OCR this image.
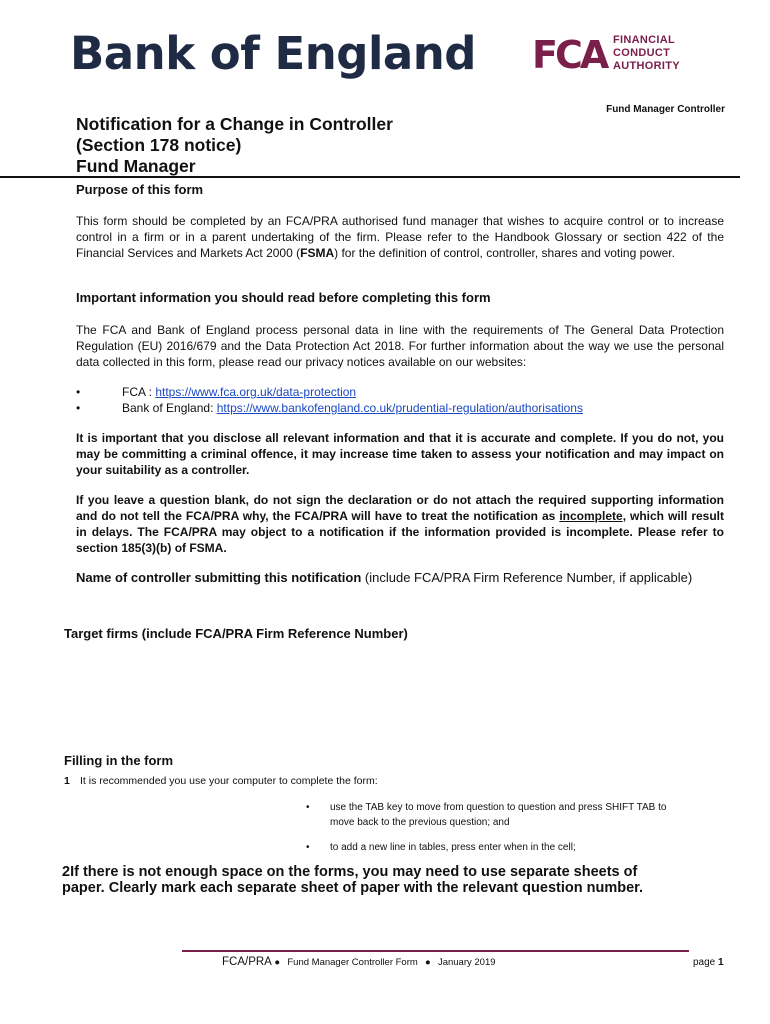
Bank of England FCA FINANCIAL
CONDUCT
AUTHORITY
Fund Manager Controller
Notification for a Change in Controller
(Section 178 notice)
Fund Manager
Purpose of this form
This form should be completed by an FCA/PRA authorised fund manager that wishes to acquire control or to increase control in a firm or in a parent undertaking of the firm. Please refer to the Handbook Glossary or section 422 of the Financial Services and Markets Act 2000 (FSMA) for the definition of control, controller, shares and voting power.
Important information you should read before completing this form
The FCA and Bank of England process personal data in line with the requirements of The General Data Protection Regulation (EU) 2016/679 and the Data Protection Act 2018. For further information about the way we use the personal data collected in this form, please read our privacy notices available on our websites:
•	FCA : https://www.fca.org.uk/data-protection
•	Bank of England: https://www.bankofengland.co.uk/prudential-regulation/authorisations
It is important that you disclose all relevant information and that it is accurate and complete. If you do not, you may be committing a criminal offence, it may increase time taken to assess your notification and may impact on your suitability as a controller.
If you leave a question blank, do not sign the declaration or do not attach the required supporting information and do not tell the FCA/PRA why, the FCA/PRA will have to treat the notification as incomplete, which will result in delays. The FCA/PRA may object to a notification if the information provided is incomplete. Please refer to section 185(3)(b) of FSMA.
Name of controller submitting this notification (include FCA/PRA Firm Reference Number, if applicable)
Target firms (include FCA/PRA Firm Reference Number)
Filling in the form
1 It is recommended you use your computer to complete the form:
• use the TAB key to move from question to question and press SHIFT TAB to move back to the previous question; and
• to add a new line in tables, press enter when in the cell;
2If there is not enough space on the forms, you may need to use separate sheets of paper. Clearly mark each separate sheet of paper with the relevant question number.
FCA/PRA ● Fund Manager Controller Form ● January 2019	page 1
